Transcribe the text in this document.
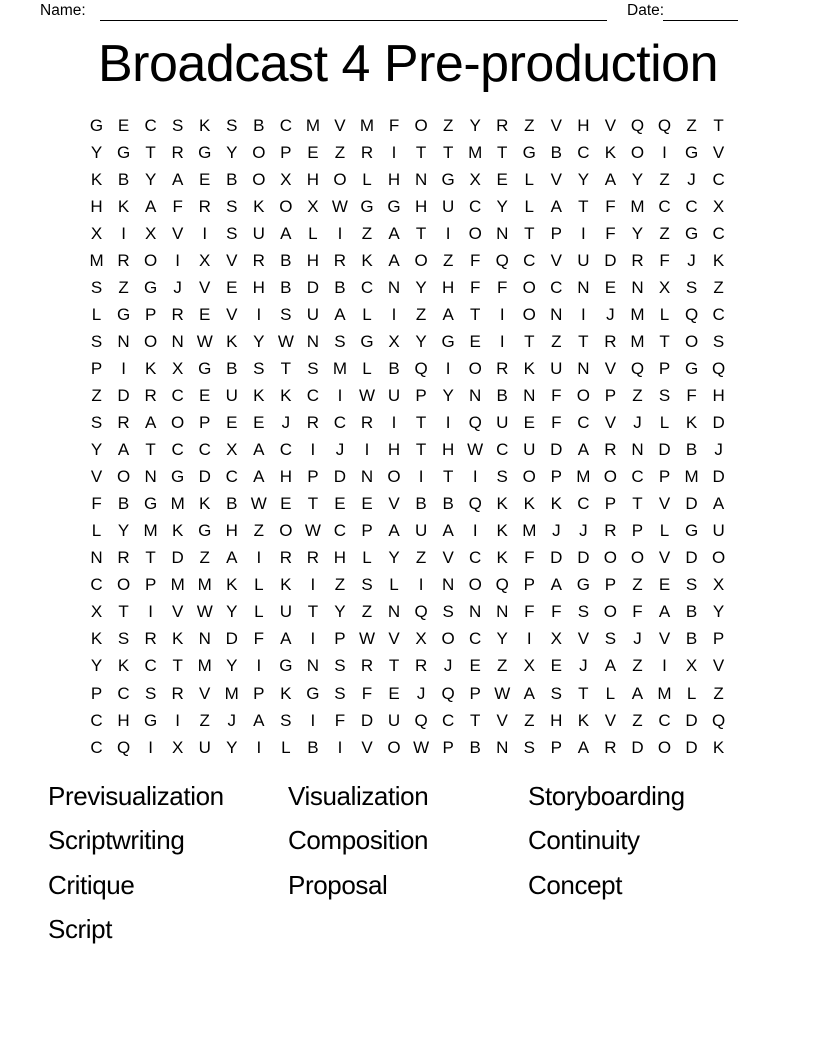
Name:	Date:
Broadcast 4 Pre-production
G E C S K S B C M V M F O Z Y R Z V H V Q Q Z T
Y G T R G Y O P E Z R	I	T T M T G B C K O	I	G V
K B Y A E B O X H O L H N G X E L V Y A Y Z	J C
H K A F R S K O X W G G H U C Y L A T F M C C X
X	I	X V	I	S U A L	I	Z A T	I	O N T P	I	F Y Z G C
M R O	I	X V R B H R K A O Z F Q C V U D R F	J	K
S Z G J	V E H B D B C N Y H F F O C N E N X S Z
L G P R E V	I	S U A L	I	Z A T	I	O N	I	J M L Q C
S N O N W K Y W N S G X Y G E	I	T Z T R M T O S
P	I	K X G B S T S M L B Q	I	O R K U N V Q P G Q
Z D R C E U K K C	I W U P Y N B N F O P Z S F H
S R A O P E E	J R C R	I	T	I	Q U E F C V	J	L K D
Y A T C C X A C	I	J	I	H T H W C U D A R N D B	J
V O N G D C A H P D N O	I	T	I	S O P M O C P M D
F B G M K B W E T E E V B B Q K K K C P T V D A
L Y M K G H Z O W C P A U A	I	K M J	J R P L G U
N R T D Z A	I	R R H L Y Z V C K F D D O O V D O
C O P M M K L K	I	Z S L	I	N O Q P A G P Z E S X
X T	I	V W Y L U T Y Z N Q S N N F F S O F A B Y
K S R K N D F A	I	P W V X O C Y	I	X V S	J	V B P
Y K C T M Y	I	G N S R T R J	E Z X E	J	A Z	I	X V
P C S R V M P K G S F E	J Q P W A S T	L A M L	Z
C H G	I	Z	J	A S	I	F D U Q C T V Z H K V Z C D Q
C Q	I	X U Y	I	L B	I	V O W P B N S P A R D O D K
Previsualization
Scriptwriting
Critique
Script
Visualization
Composition
Proposal
Storyboarding
Continuity
Concept
